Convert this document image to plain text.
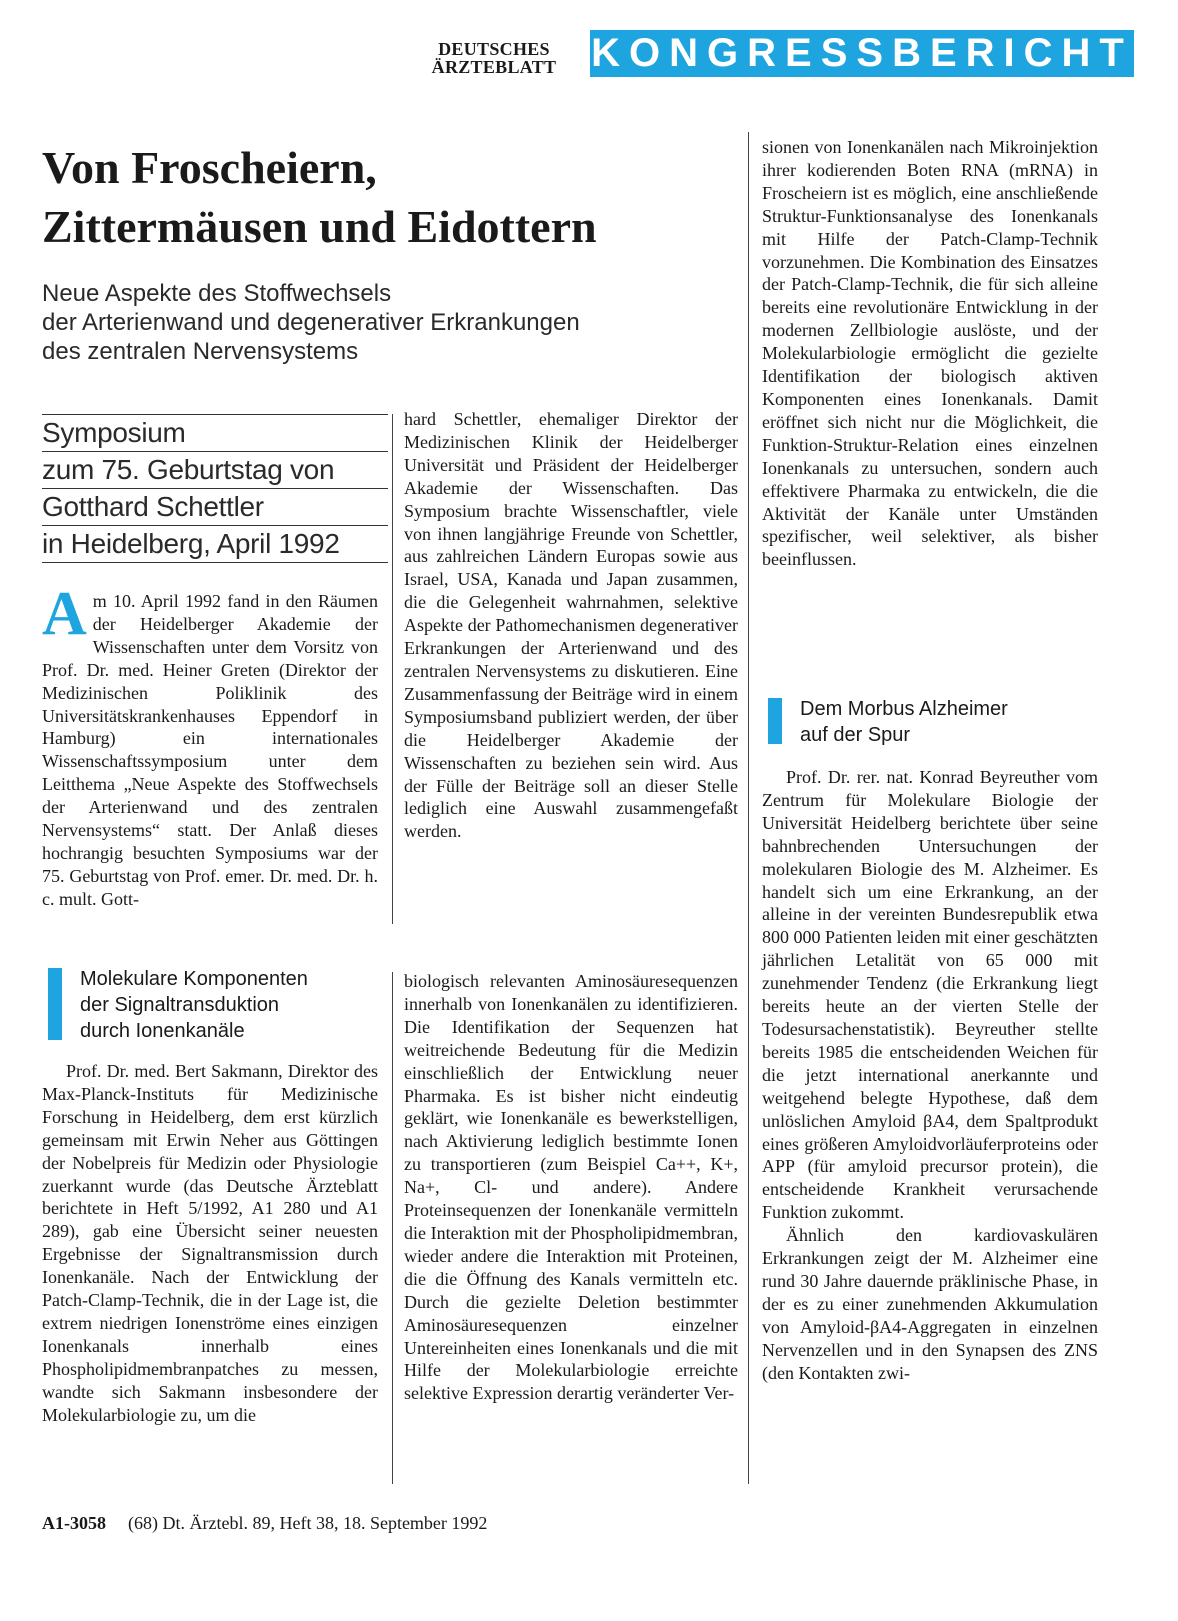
DEUTSCHES
ÄRZTEBLATT KONGRESSBERICHT
Von Froscheiern,
Zittermäusen und Eidottern
Neue Aspekte des Stoffwechsels
der Arterienwand und degenerativer Erkrankungen
des zentralen Nervensystems
Symposium
zum 75. Geburtstag von
Gotthard Schettler
in Heidelberg, April 1992

Am 10. April 1992 fand in den Räumen der Heidelberger Akademie der Wissenschaften unter dem Vorsitz von Prof. Dr. med. Heiner Greten (Direktor der Medizinischen Poliklinik des Universitätskrankenhauses Eppendorf in Hamburg) ein internationales Wissenschaftssymposium unter dem Leitthema „Neue Aspekte des Stoffwechsels der Arterienwand und des zentralen Nervensystems“ statt. Der Anlaß dieses hochrangig besuchten Symposiums war der 75. Geburtstag von Prof. emer. Dr. med. Dr. h. c. mult. Gott-

hard Schettler, ehemaliger Direktor der Medizinischen Klinik der Heidelberger Universität und Präsident der Heidelberger Akademie der Wissenschaften. Das Symposium brachte Wissenschaftler, viele von ihnen langjährige Freunde von Schettler, aus zahlreichen Ländern Europas sowie aus Israel, USA, Kanada und Japan zusammen, die die Gelegenheit wahrnahmen, selektive Aspekte der Pathomechanismen degenerativer Erkrankungen der Arterienwand und des zentralen Nervensystems zu diskutieren. Eine Zusammenfassung der Beiträge wird in einem Symposiumsband publiziert werden, der über die Heidelberger Akademie der Wissenschaften zu beziehen sein wird. Aus der Fülle der Beiträge soll an dieser Stelle lediglich eine Auswahl zusammengefaßt werden.

sionen von Ionenkanälen nach Mikroinjektion ihrer kodierenden Boten RNA (mRNA) in Froscheiern ist es möglich, eine anschließende Struktur-Funktionsanalyse des Ionenkanals mit Hilfe der Patch-Clamp-Technik vorzunehmen. Die Kombination des Einsatzes der Patch-Clamp-Technik, die für sich alleine bereits eine revolutionäre Entwicklung in der modernen Zellbiologie auslöste, und der Molekularbiologie ermöglicht die gezielte Identifikation der biologisch aktiven Komponenten eines Ionenkanals. Damit eröffnet sich nicht nur die Möglichkeit, die Funktion-Struktur-Relation eines einzelnen Ionenkanals zu untersuchen, sondern auch effektivere Pharmaka zu entwickeln, die die Aktivität der Kanäle unter Umständen spezifischer, weil selektiver, als bisher beeinflussen.

Molekulare Komponenten
der Signaltransduktion
durch Ionenkanäle

Prof. Dr. med. Bert Sakmann, Direktor des Max-Planck-Instituts für Medizinische Forschung in Heidelberg, dem erst kürzlich gemeinsam mit Erwin Neher aus Göttingen der Nobelpreis für Medizin oder Physiologie zuerkannt wurde (das Deutsche Ärzteblatt berichtete in Heft 5/1992, A1 280 und A1 289), gab eine Übersicht seiner neuesten Ergebnisse der Signaltransmission durch Ionenkanäle. Nach der Entwicklung der Patch-Clamp-Technik, die in der Lage ist, die extrem niedrigen Ionenströme eines einzigen Ionenkanals innerhalb eines Phospholipidmembranpatches zu messen, wandte sich Sakmann insbesondere der Molekularbiologie zu, um die

biologisch relevanten Aminosäuresequenzen innerhalb von Ionenkanälen zu identifizieren. Die Identifikation der Sequenzen hat weitreichende Bedeutung für die Medizin einschließlich der Entwicklung neuer Pharmaka. Es ist bisher nicht eindeutig geklärt, wie Ionenkanäle es bewerkstelligen, nach Aktivierung lediglich bestimmte Ionen zu transportieren (zum Beispiel Ca++, K+, Na+, Cl- und andere). Andere Proteinsequenzen der Ionenkanäle vermitteln die Interaktion mit der Phospholipidmembran, wieder andere die Interaktion mit Proteinen, die die Öffnung des Kanals vermitteln etc. Durch die gezielte Deletion bestimmter Aminosäuresequenzen einzelner Untereinheiten eines Ionenkanals und die mit Hilfe der Molekularbiologie erreichte selektive Expression derartig veränderter Ver-

Dem Morbus Alzheimer
auf der Spur

Prof. Dr. rer. nat. Konrad Beyreuther vom Zentrum für Molekulare Biologie der Universität Heidelberg berichtete über seine bahnbrechenden Untersuchungen der molekularen Biologie des M. Alzheimer. Es handelt sich um eine Erkrankung, an der alleine in der vereinten Bundesrepublik etwa 800 000 Patienten leiden mit einer geschätzten jährlichen Letalität von 65 000 mit zunehmender Tendenz (die Erkrankung liegt bereits heute an der vierten Stelle der Todesursachenstatistik). Beyreuther stellte bereits 1985 die entscheidenden Weichen für die jetzt international anerkannte und weitgehend belegte Hypothese, daß dem unlöslichen Amyloid βA4, dem Spaltprodukt eines größeren Amyloidvorläuferproteins oder APP (für amyloid precursor protein), die entscheidende Krankheit verursachende Funktion zukommt.

Ähnlich den kardiovaskulären Erkrankungen zeigt der M. Alzheimer eine rund 30 Jahre dauernde präklinische Phase, in der es zu einer zunehmenden Akkumulation von Amyloid-βA4-Aggregaten in einzelnen Nervenzellen und in den Synapsen des ZNS (den Kontakten zwi-

A1-3058 (68) Dt. Ärztebl. 89, Heft 38, 18. September 1992
